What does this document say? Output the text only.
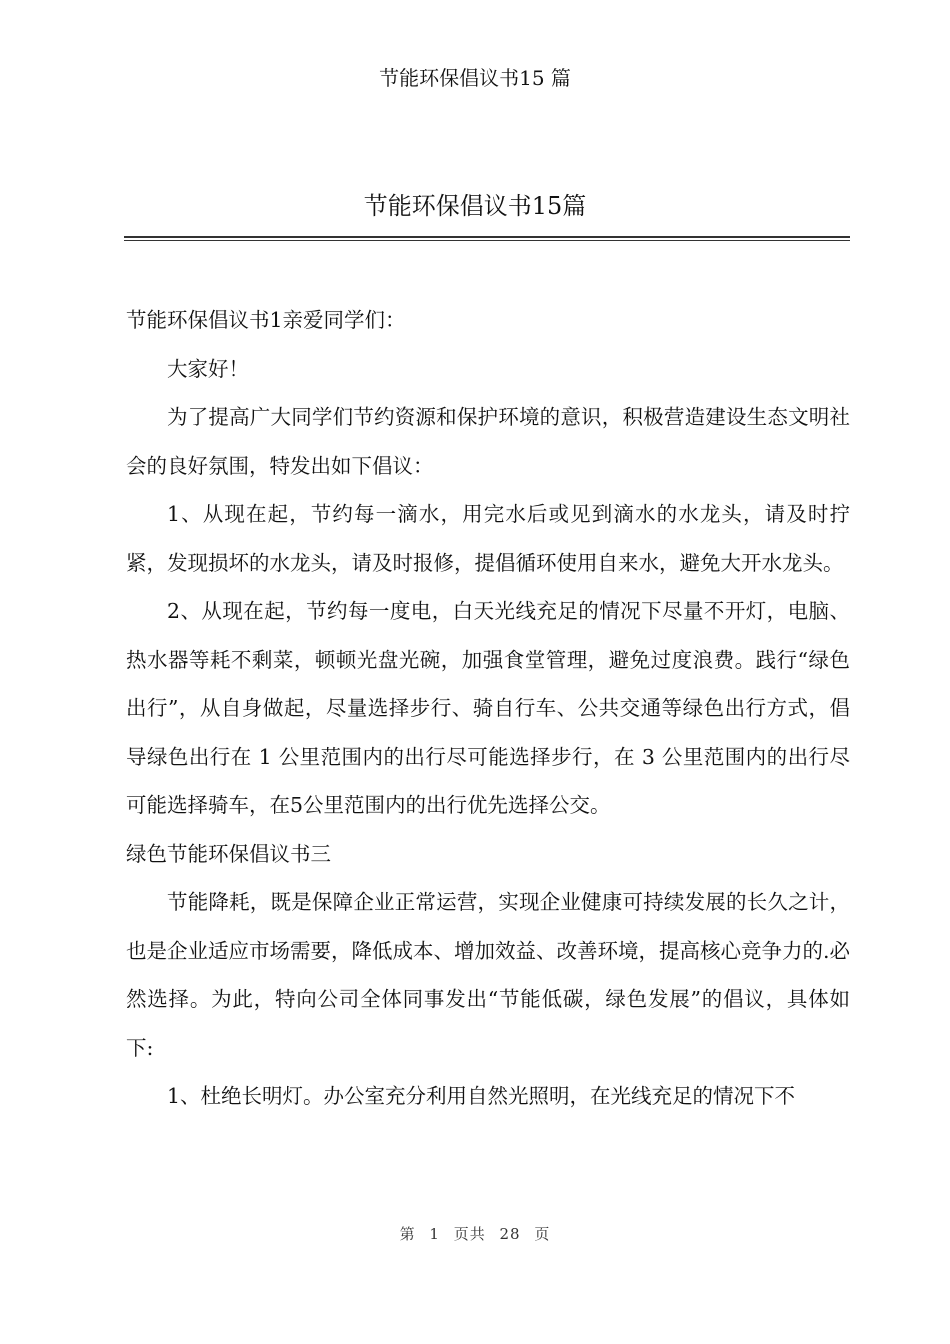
节能环保倡议书15 篇
节能环保倡议书15篇

节能环保倡议书1亲爱同学们：

大家好！

为了提高广大同学们节约资源和保护环境的意识，积极营造建设生态文明社会的良好氛围，特发出如下倡议：

1、从现在起，节约每一滴水，用完水后或见到滴水的水龙头，请及时拧紧，发现损坏的水龙头，请及时报修，提倡循环使用自来水，避免大开水龙头。

2、从现在起，节约每一度电，白天光线充足的情况下尽量不开灯，电脑、热水器等耗不剩菜，顿顿光盘光碗，加强食堂管理，避免过度浪费。践行“绿色出行”，从自身做起，尽量选择步行、骑自行车、公共交通等绿色出行方式，倡导绿色出行在 1 公里范围内的出行尽可能选择步行，在 3 公里范围内的出行尽可能选择骑车，在5公里范围内的出行优先选择公交。

绿色节能环保倡议书三

节能降耗，既是保障企业正常运营，实现企业健康可持续发展的长久之计，也是企业适应市场需要，降低成本、增加效益、改善环境，提高核心竞争力的.必然选择。为此，特向公司全体同事发出“节能低碳，绿色发展”的倡议，具体如下:

1、杜绝长明灯。办公室充分利用自然光照明，在光线充足的情况下不

第 1 页共 28 页
